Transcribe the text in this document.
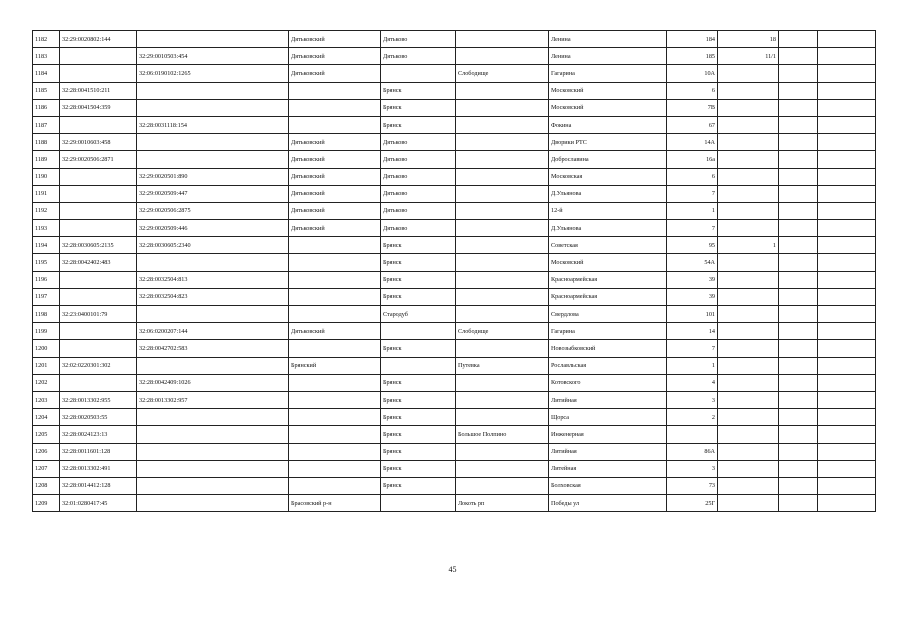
1182	32:29:0020802:144		Дятьковский	Дятьково		Ленина	184	18		
1183		32:29:0010503:454	Дятьковский	Дятьково		Ленина	185	11/1		
1184		32:06:0190102:1265	Дятьковский		Слободище	Гагарина	10А			
1185	32:28:0041510:211			Брянск		Московский	6			
1186	32:28:0041504:359			Брянск		Московский	7В			
1187		32:28:0031118:154		Брянск		Фокина	67			
1188	32:29:0010603:458		Дятьковский	Дятьково		Дворики РТС	14А			
1189	32:29:0020506:2871		Дятьковский	Дятьково		Доброславина	16а			
1190		32:29:0020501:890	Дятьковский	Дятьково		Московская	6			
1191		32:29:0020509:447	Дятьковский	Дятьково		Д.Ульянова	7			
1192		32:29:0020506:2875	Дятьковский	Дятьково		12-й	1			
1193		32:29:0020509:446	Дятьковский	Дятьково		Д.Ульянова	7			
1194	32:28:0030605:2135	32:28:0030605:2340		Брянск		Советская	95	1		
1195	32:28:0042402:483			Брянск		Московский	54А			
1196		32:28:0032504:813		Брянск		Красноармейская	39			
1197		32:28:0032504:823		Брянск		Красноармейская	39			
1198	32:23:0400101:79			Стародуб		Свердлова	101			
1199		32:06:0200207:144	Дятьковский		Слободище	Гагарина	14			
1200		32:28:0042702:583		Брянск		Новозыбковский	7			
1201	32:02:0220301:302		Брянский		Путевка	Рославльская	1			
1202		32:28:0042409:1026		Брянск		Котовского	4			
1203	32:28:0013302:955	32:28:0013302:957		Брянск		Литийная	3			
1204	32:28:0020503:55			Брянск		Щорса	2			
1205	32:28:0024123:13			Брянск	Большое Полпино	Инженерная				
1206	32:28:0011601:128			Брянск		Литийная	86А			
1207	32:28:0013302:491			Брянск		Литейная	3			
1208	32:28:0014412:128			Брянск		Болховская	73			
1209	32:01:0280417:45		Брасовский р-н		Локоть рп	Победы ул	25Г			
45
